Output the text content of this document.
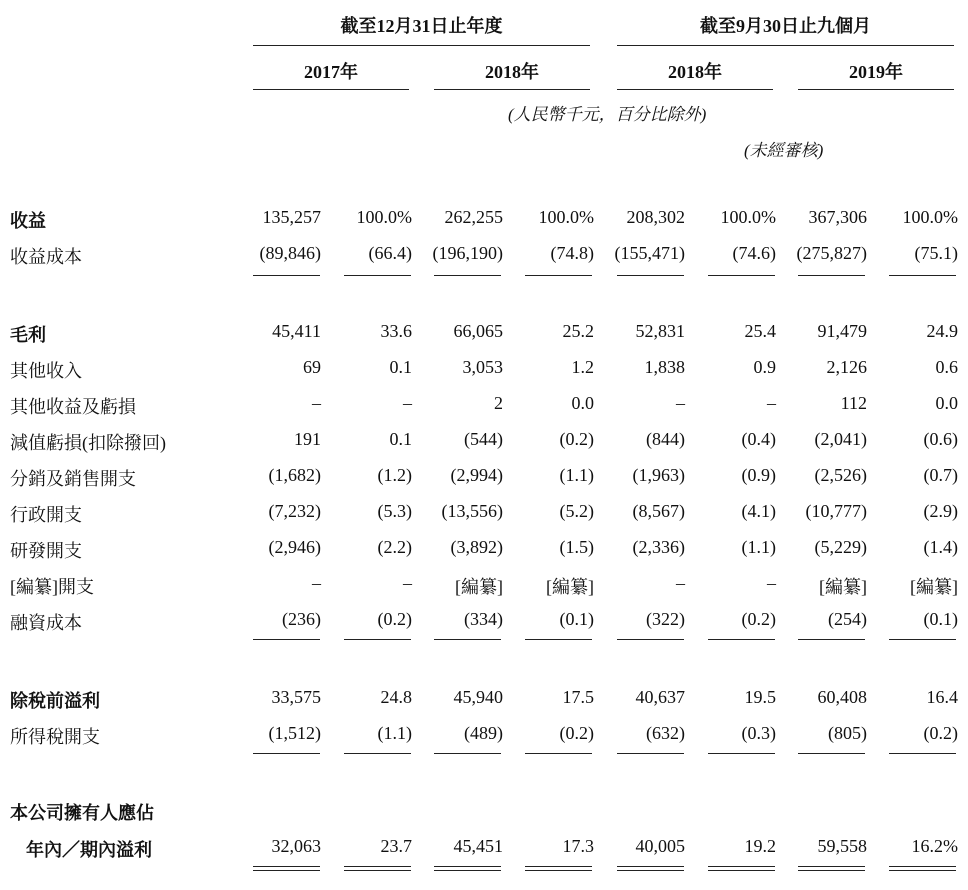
截至12月31日止年度	截至9月30日止九個月
2017年	2018年	2018年	2019年
(人民幣千元，百分比除外)
(未經審核)
收益	135,257	100.0%	262,255	100.0%	208,302	100.0%	367,306	100.0%
收益成本	(89,846)	(66.4)	(196,190)	(74.8)	(155,471)	(74.6)	(275,827)	(75.1)
毛利	45,411	33.6	66,065	25.2	52,831	25.4	91,479	24.9
其他收入	69	0.1	3,053	1.2	1,838	0.9	2,126	0.6
其他收益及虧損	–	–	2	0.0	–	–	112	0.0
減值虧損(扣除撥回)	191	0.1	(544)	(0.2)	(844)	(0.4)	(2,041)	(0.6)
分銷及銷售開支	(1,682)	(1.2)	(2,994)	(1.1)	(1,963)	(0.9)	(2,526)	(0.7)
行政開支	(7,232)	(5.3)	(13,556)	(5.2)	(8,567)	(4.1)	(10,777)	(2.9)
研發開支	(2,946)	(2.2)	(3,892)	(1.5)	(2,336)	(1.1)	(5,229)	(1.4)
[編纂]開支	–	–	[編纂]	[編纂]	–	–	[編纂]	[編纂]
融資成本	(236)	(0.2)	(334)	(0.1)	(322)	(0.2)	(254)	(0.1)
除稅前溢利	33,575	24.8	45,940	17.5	40,637	19.5	60,408	16.4
所得稅開支	(1,512)	(1.1)	(489)	(0.2)	(632)	(0.3)	(805)	(0.2)
本公司擁有人應佔
年內／期內溢利	32,063	23.7	45,451	17.3	40,005	19.2	59,558	16.2%
